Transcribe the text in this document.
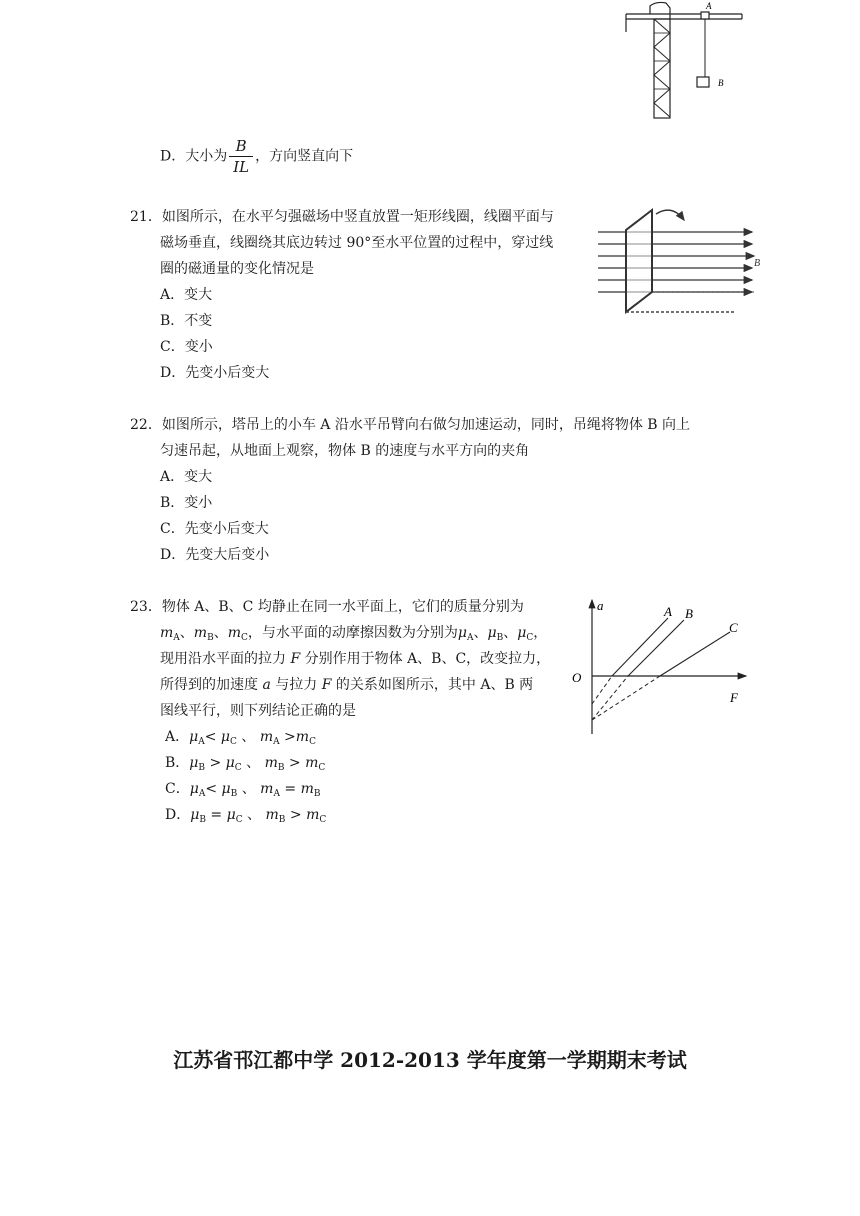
A
B
D．大小为 $\frac{B}{IL}$ ，方向竖直向下
21．如图所示，在水平匀强磁场中竖直放置一矩形线圈，线圈平面与
磁场垂直，线圈绕其底边转过 90°至水平位置的过程中，穿过线
圈的磁通量的变化情况是
A．变大
B．不变
C．变小
D．先变小后变大
B
22．如图所示，塔吊上的小车 A 沿水平吊臂向右做匀加速运动，同时，吊绳将物体 B 向上
匀速吊起，从地面上观察，物体 B 的速度与水平方向的夹角
A．变大
B．变小
C．先变小后变大
D．先变大后变小
23．物体 A、B、C 均静止在同一水平面上，它们的质量分别为
$m_A$、$m_B$、$m_C$，与水平面的动摩擦因数为分别为$\mu_A$、$\mu_B$、$\mu_C$，
现用沿水平面的拉力 F 分别作用于物体 A、B、C，改变拉力，
所得到的加速度 a 与拉力 F 的关系如图所示，其中 A、B 两
图线平行，则下列结论正确的是
A．$\mu_A< \mu_C$ 、 $m_A >m_C$
B．$\mu_B > \mu_C$ 、 $m_B > m_C$
C．$\mu_A< \mu_B$ 、 $m_A = m_B$
D．$\mu_B = \mu_C$ 、 $m_B > m_C$
a
F
O
A B
C
江苏省邗江都中学 2012-2013 学年度第一学期期末考试
